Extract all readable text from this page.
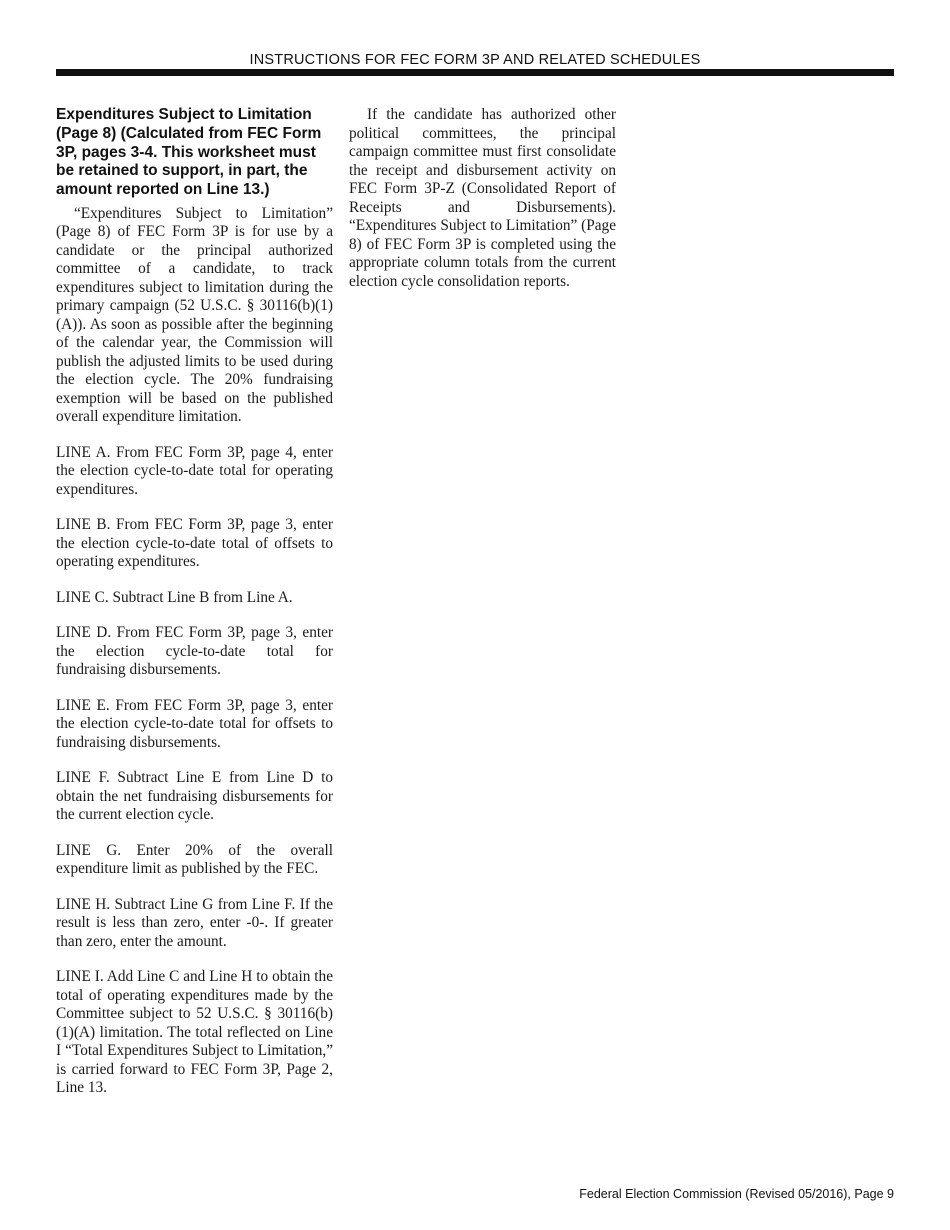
INSTRUCTIONS FOR FEC FORM 3P AND RELATED SCHEDULES
Expenditures Subject to Limitation (Page 8) (Calculated from FEC Form 3P, pages 3-4. This worksheet must be retained to support, in part, the amount reported on Line 13.)

“Expenditures Subject to Limitation” (Page 8) of FEC Form 3P is for use by a candidate or the principal authorized committee of a candidate, to track expenditures subject to limitation during the primary campaign (52 U.S.C. § 30116(b)(1)(A)). As soon as possible after the beginning of the calendar year, the Commission will publish the adjusted limits to be used during the election cycle. The 20% fundraising exemption will be based on the published overall expenditure limitation.

LINE A. From FEC Form 3P, page 4, enter the election cycle-to-date total for operating expenditures.

LINE B. From FEC Form 3P, page 3, enter the election cycle-to-date total of offsets to operating expenditures.

LINE C. Subtract Line B from Line A.

LINE D. From FEC Form 3P, page 3, enter the election cycle-to-date total for fundraising disbursements.

LINE E. From FEC Form 3P, page 3, enter the election cycle-to-date total for offsets to fundraising disbursements.

LINE F. Subtract Line E from Line D to obtain the net fundraising disbursements for the current election cycle.

LINE G. Enter 20% of the overall expenditure limit as published by the FEC.

LINE H. Subtract Line G from Line F. If the result is less than zero, enter -0-. If greater than zero, enter the amount.

LINE I. Add Line C and Line H to obtain the total of operating expenditures made by the Committee subject to 52 U.S.C. § 30116(b)(1)(A) limitation. The total reflected on Line I “Total Expenditures Subject to Limitation,” is carried forward to FEC Form 3P, Page 2, Line 13.

If the candidate has authorized other political committees, the principal campaign committee must first consolidate the receipt and disbursement activity on FEC Form 3P-Z (Consolidated Report of Receipts and Disbursements). “Expenditures Subject to Limitation” (Page 8) of FEC Form 3P is completed using the appropriate column totals from the current election cycle consolidation reports.

Federal Election Commission (Revised 05/2016), Page 9
